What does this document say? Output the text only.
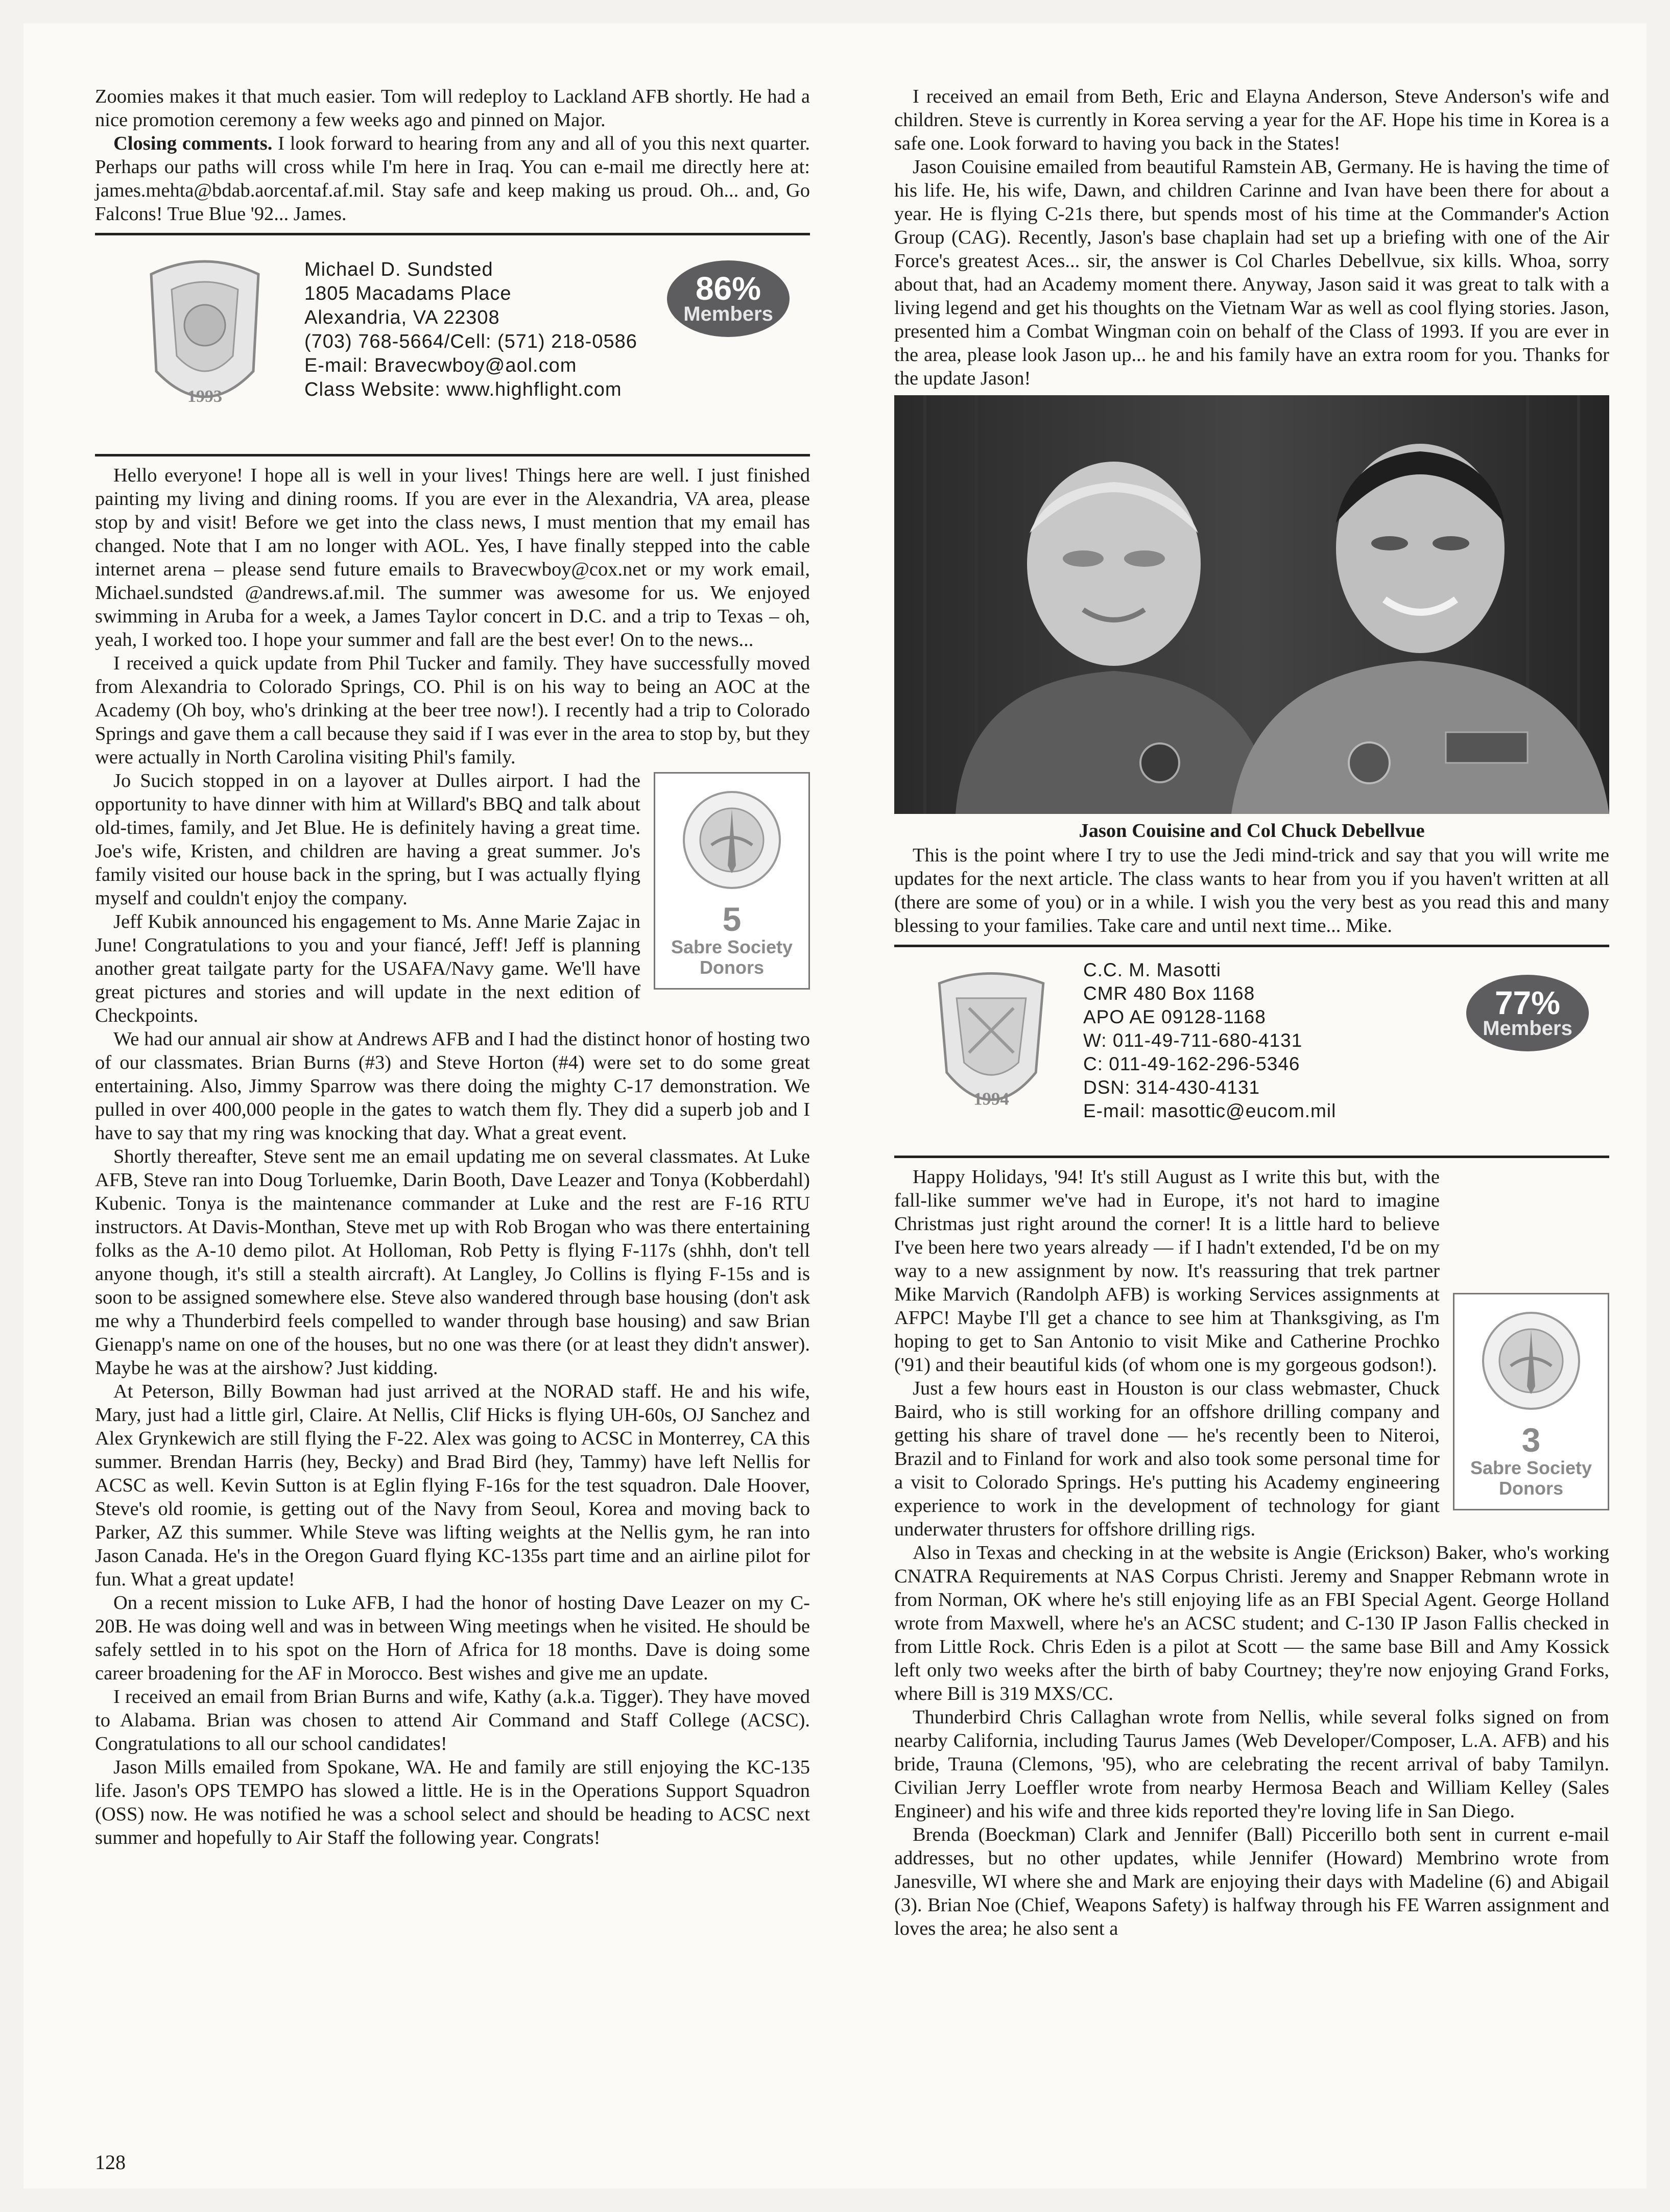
Zoomies makes it that much easier. Tom will redeploy to Lackland AFB shortly. He had a nice promotion ceremony a few weeks ago and pinned on Major.

Closing comments. I look forward to hearing from any and all of you this next quarter. Perhaps our paths will cross while I'm here in Iraq. You can e-mail me directly here at: james.mehta@bdab.aorcentaf.af.mil. Stay safe and keep making us proud. Oh... and, Go Falcons! True Blue '92... James.

1993
Michael D. Sundsted
1805 Macadams Place
Alexandria, VA 22308
(703) 768-5664/Cell: (571) 218-0586
E-mail: Bravecwboy@aol.com
Class Website: www.highflight.com
86%
Members

Hello everyone! I hope all is well in your lives! Things here are well. I just finished painting my living and dining rooms. If you are ever in the Alexandria, VA area, please stop by and visit! Before we get into the class news, I must mention that my email has changed. Note that I am no longer with AOL. Yes, I have finally stepped into the cable internet arena – please send future emails to Bravecwboy@cox.net or my work email, Michael.sundsted @andrews.af.mil. The summer was awesome for us. We enjoyed swimming in Aruba for a week, a James Taylor concert in D.C. and a trip to Texas – oh, yeah, I worked too. I hope your summer and fall are the best ever! On to the news...

I received a quick update from Phil Tucker and family. They have successfully moved from Alexandria to Colorado Springs, CO. Phil is on his way to being an AOC at the Academy (Oh boy, who's drinking at the beer tree now!). I recently had a trip to Colorado Springs and gave them a call because they said if I was ever in the area to stop by, but they were actually in North Carolina visiting Phil's family.

5
Sabre Society
Donors
Jo Sucich stopped in on a layover at Dulles airport. I had the opportunity to have dinner with him at Willard's BBQ and talk about old-times, family, and Jet Blue. He is definitely having a great time. Joe's wife, Kristen, and children are having a great summer. Jo's family visited our house back in the spring, but I was actually flying myself and couldn't enjoy the company.

Jeff Kubik announced his engagement to Ms. Anne Marie Zajac in June! Congratulations to you and your fiancé, Jeff! Jeff is planning another great tailgate party for the USAFA/Navy game. We'll have great pictures and stories and will update in the next edition of Checkpoints.

We had our annual air show at Andrews AFB and I had the distinct honor of hosting two of our classmates. Brian Burns (#3) and Steve Horton (#4) were set to do some great entertaining. Also, Jimmy Sparrow was there doing the mighty C-17 demonstration. We pulled in over 400,000 people in the gates to watch them fly. They did a superb job and I have to say that my ring was knocking that day. What a great event.

Shortly thereafter, Steve sent me an email updating me on several classmates. At Luke AFB, Steve ran into Doug Torluemke, Darin Booth, Dave Leazer and Tonya (Kobberdahl) Kubenic. Tonya is the maintenance commander at Luke and the rest are F-16 RTU instructors. At Davis-Monthan, Steve met up with Rob Brogan who was there entertaining folks as the A-10 demo pilot. At Holloman, Rob Petty is flying F-117s (shhh, don't tell anyone though, it's still a stealth aircraft). At Langley, Jo Collins is flying F-15s and is soon to be assigned somewhere else. Steve also wandered through base housing (don't ask me why a Thunderbird feels compelled to wander through base housing) and saw Brian Gienapp's name on one of the houses, but no one was there (or at least they didn't answer). Maybe he was at the airshow? Just kidding.

At Peterson, Billy Bowman had just arrived at the NORAD staff. He and his wife, Mary, just had a little girl, Claire. At Nellis, Clif Hicks is flying UH-60s, OJ Sanchez and Alex Grynkewich are still flying the F-22. Alex was going to ACSC in Monterrey, CA this summer. Brendan Harris (hey, Becky) and Brad Bird (hey, Tammy) have left Nellis for ACSC as well. Kevin Sutton is at Eglin flying F-16s for the test squadron. Dale Hoover, Steve's old roomie, is getting out of the Navy from Seoul, Korea and moving back to Parker, AZ this summer. While Steve was lifting weights at the Nellis gym, he ran into Jason Canada. He's in the Oregon Guard flying KC-135s part time and an airline pilot for fun. What a great update!

On a recent mission to Luke AFB, I had the honor of hosting Dave Leazer on my C-20B. He was doing well and was in between Wing meetings when he visited. He should be safely settled in to his spot on the Horn of Africa for 18 months. Dave is doing some career broadening for the AF in Morocco. Best wishes and give me an update.

I received an email from Brian Burns and wife, Kathy (a.k.a. Tigger). They have moved to Alabama. Brian was chosen to attend Air Command and Staff College (ACSC). Congratulations to all our school candidates!

Jason Mills emailed from Spokane, WA. He and family are still enjoying the KC-135 life. Jason's OPS TEMPO has slowed a little. He is in the Operations Support Squadron (OSS) now. He was notified he was a school select and should be heading to ACSC next summer and hopefully to Air Staff the following year. Congrats!

I received an email from Beth, Eric and Elayna Anderson, Steve Anderson's wife and children. Steve is currently in Korea serving a year for the AF. Hope his time in Korea is a safe one. Look forward to having you back in the States!

Jason Couisine emailed from beautiful Ramstein AB, Germany. He is having the time of his life. He, his wife, Dawn, and children Carinne and Ivan have been there for about a year. He is flying C-21s there, but spends most of his time at the Commander's Action Group (CAG). Recently, Jason's base chaplain had set up a briefing with one of the Air Force's greatest Aces... sir, the answer is Col Charles Debellvue, six kills. Whoa, sorry about that, had an Academy moment there. Anyway, Jason said it was great to talk with a living legend and get his thoughts on the Vietnam War as well as cool flying stories. Jason, presented him a Combat Wingman coin on behalf of the Class of 1993. If you are ever in the area, please look Jason up... he and his family have an extra room for you. Thanks for the update Jason!

Jason Couisine and Col Chuck Debellvue

This is the point where I try to use the Jedi mind-trick and say that you will write me updates for the next article. The class wants to hear from you if you haven't written at all (there are some of you) or in a while. I wish you the very best as you read this and many blessing to your families. Take care and until next time... Mike.

1994
C.C. M. Masotti
CMR 480 Box 1168
APO AE 09128-1168
W: 011-49-711-680-4131
C: 011-49-162-296-5346
DSN: 314-430-4131
E-mail: masottic@eucom.mil
77%
Members

3
Sabre Society
Donors
Happy Holidays, '94! It's still August as I write this but, with the fall-like summer we've had in Europe, it's not hard to imagine Christmas just right around the corner! It is a little hard to believe I've been here two years already — if I hadn't extended, I'd be on my way to a new assignment by now. It's reassuring that trek partner Mike Marvich (Randolph AFB) is working Services assignments at AFPC! Maybe I'll get a chance to see him at Thanksgiving, as I'm hoping to get to San Antonio to visit Mike and Catherine Prochko ('91) and their beautiful kids (of whom one is my gorgeous godson!).

Just a few hours east in Houston is our class webmaster, Chuck Baird, who is still working for an offshore drilling company and getting his share of travel done — he's recently been to Niteroi, Brazil and to Finland for work and also took some personal time for a visit to Colorado Springs. He's putting his Academy engineering experience to work in the development of technology for giant underwater thrusters for offshore drilling rigs.

Also in Texas and checking in at the website is Angie (Erickson) Baker, who's working CNATRA Requirements at NAS Corpus Christi. Jeremy and Snapper Rebmann wrote in from Norman, OK where he's still enjoying life as an FBI Special Agent. George Holland wrote from Maxwell, where he's an ACSC student; and C-130 IP Jason Fallis checked in from Little Rock. Chris Eden is a pilot at Scott — the same base Bill and Amy Kossick left only two weeks after the birth of baby Courtney; they're now enjoying Grand Forks, where Bill is 319 MXS/CC.

Thunderbird Chris Callaghan wrote from Nellis, while several folks signed on from nearby California, including Taurus James (Web Developer/Composer, L.A. AFB) and his bride, Trauna (Clemons, '95), who are celebrating the recent arrival of baby Tamilyn. Civilian Jerry Loeffler wrote from nearby Hermosa Beach and William Kelley (Sales Engineer) and his wife and three kids reported they're loving life in San Diego.

Brenda (Boeckman) Clark and Jennifer (Ball) Piccerillo both sent in current e-mail addresses, but no other updates, while Jennifer (Howard) Membrino wrote from Janesville, WI where she and Mark are enjoying their days with Madeline (6) and Abigail (3). Brian Noe (Chief, Weapons Safety) is halfway through his FE Warren assignment and loves the area; he also sent a

128
